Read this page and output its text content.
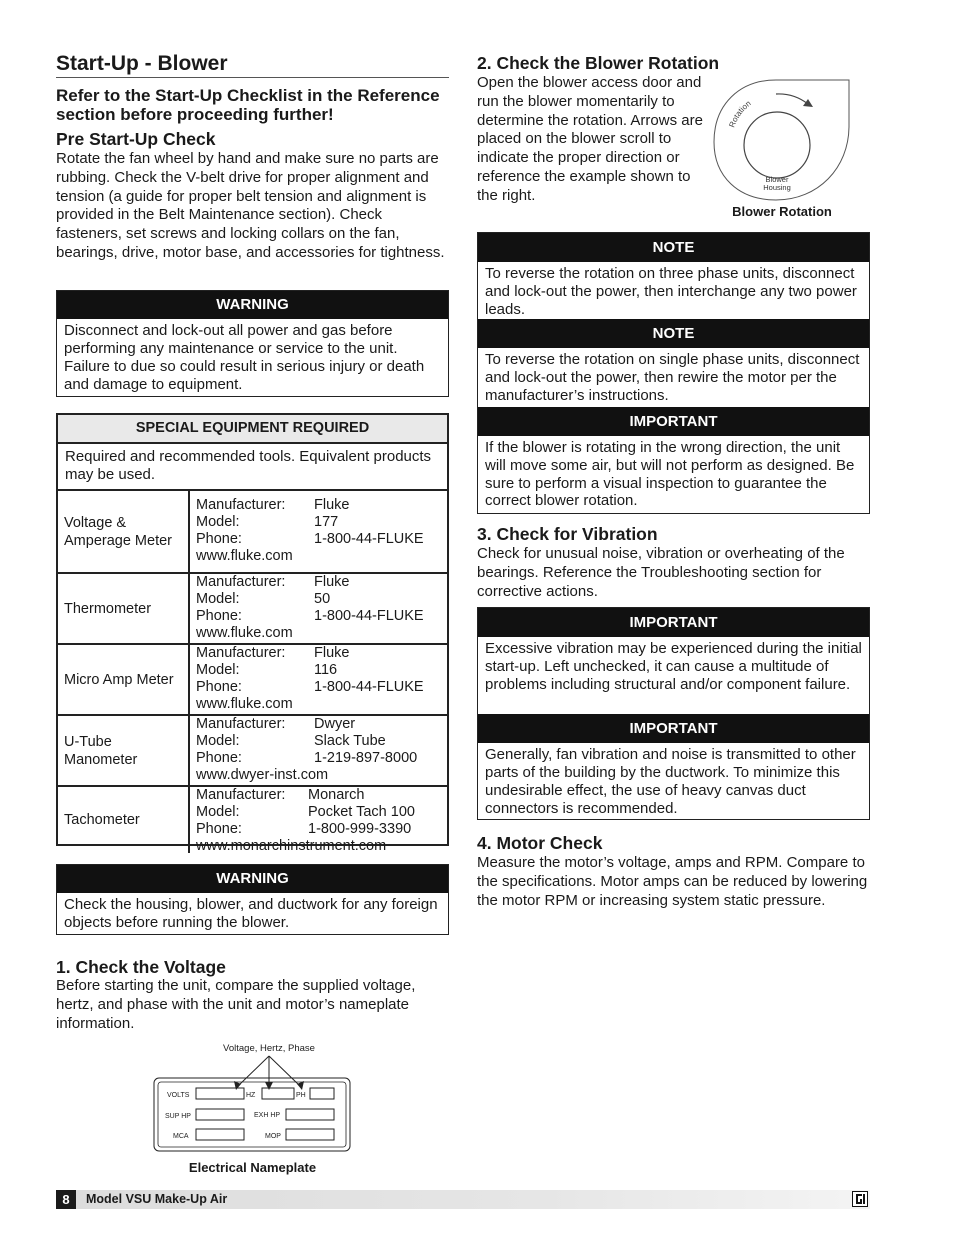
Start-Up - Blower
Refer to the Start-Up Checklist in the Reference section before proceeding further!
Pre Start-Up Check
Rotate the fan wheel by hand and make sure no parts are rubbing. Check the V-belt drive for proper alignment and tension (a guide for proper belt tension and alignment is provided in the Belt Maintenance section). Check fasteners, set screws and locking collars on the fan, bearings, drive, motor base, and accessories for tightness.
WARNING
Disconnect and lock-out all power and gas before performing any maintenance or service to the unit. Failure to due so could result in serious injury or death and damage to equipment.
SPECIAL EQUIPMENT REQUIRED
Required and recommended tools. Equivalent products may be used.
Voltage & Amperage Meter
Manufacturer:	Fluke
Model:	177
Phone:	1-800-44-FLUKE
www.fluke.com
Thermometer
Manufacturer:	Fluke
Model:	50
Phone:	1-800-44-FLUKE
www.fluke.com
Micro Amp Meter
Manufacturer:	Fluke
Model:	116
Phone:	1-800-44-FLUKE
www.fluke.com
U-Tube Manometer
Manufacturer:	Dwyer
Model:	Slack Tube
Phone:	1-219-897-8000
www.dwyer-inst.com
Tachometer
Manufacturer:	Monarch
Model:	Pocket Tach 100
Phone:	1-800-999-3390
www.monarchinstrument.com
WARNING
Check the housing, blower, and ductwork for any foreign objects before running the blower.
1. Check the Voltage
Before starting the unit, compare the supplied voltage, hertz, and phase with the unit and motor’s nameplate information.
Voltage, Hertz, Phase
VOLTS	HZ	PH
SUP HP	EXH HP
MCA	MOP
Electrical Nameplate
2. Check the Blower Rotation
Open the blower access door and run the blower momentarily to determine the rotation. Arrows are placed on the blower scroll to indicate the proper direction or reference the example shown to the right.
Rotation
Blower
Housing
Blower Rotation
NOTE
To reverse the rotation on three phase units, disconnect and lock-out the power, then interchange any two power leads.
NOTE
To reverse the rotation on single phase units, disconnect and lock-out the power, then rewire the motor per the manufacturer’s instructions.
IMPORTANT
If the blower is rotating in the wrong direction, the unit will move some air, but will not perform as designed. Be sure to perform a visual inspection to guarantee the correct blower rotation.
3. Check for Vibration
Check for unusual noise, vibration or overheating of the bearings. Reference the Troubleshooting section for corrective actions.
IMPORTANT
Excessive vibration may be experienced during the initial start-up. Left unchecked, it can cause a multitude of problems including structural and/or component failure.
IMPORTANT
Generally, fan vibration and noise is transmitted to other parts of the building by the ductwork. To minimize this undesirable effect, the use of heavy canvas duct connectors is recommended.
4. Motor Check
Measure the motor’s voltage, amps and RPM. Compare to the specifications. Motor amps can be reduced by lowering the motor RPM or increasing system static pressure.
8	Model VSU Make-Up Air
